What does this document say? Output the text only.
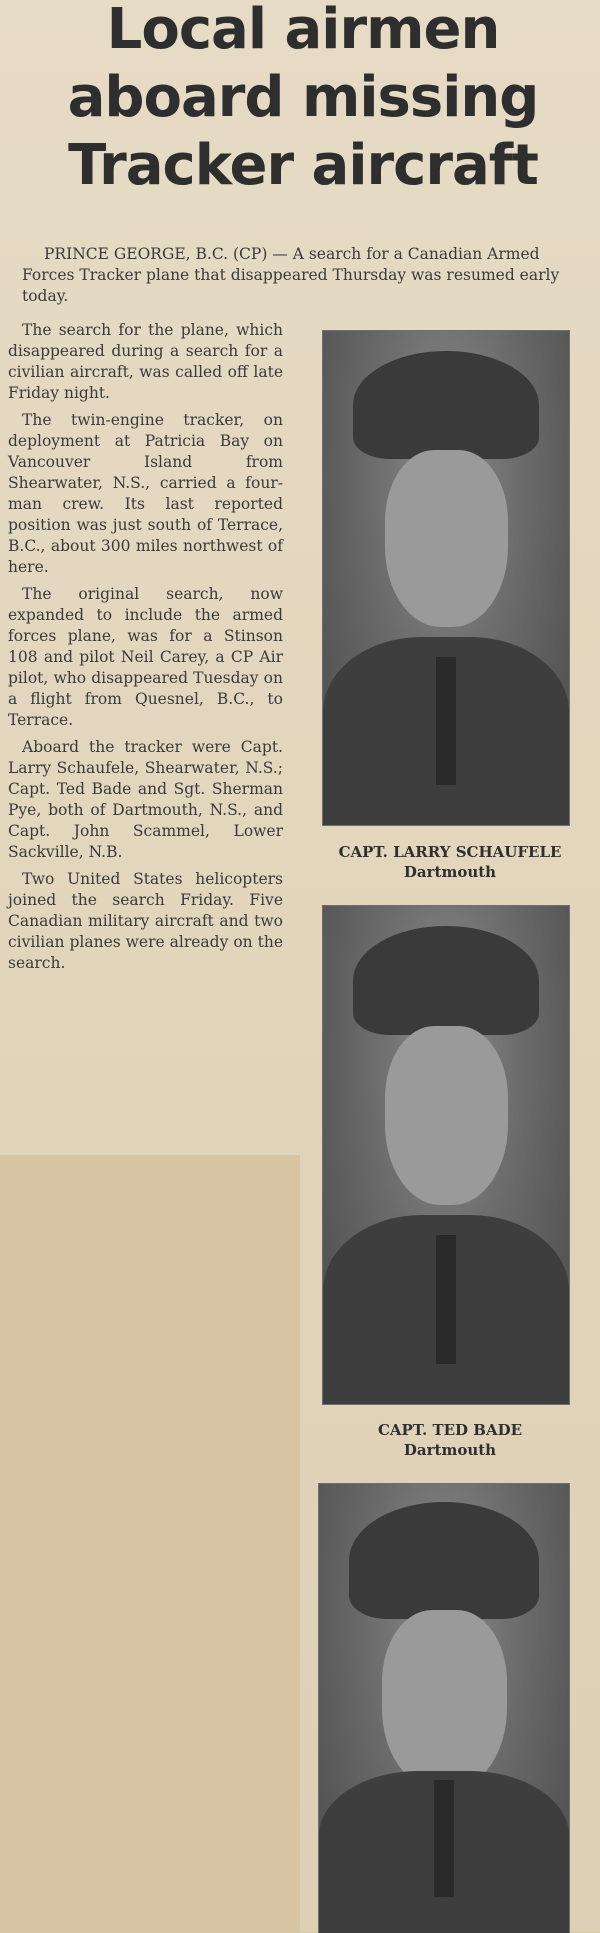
Local airmen
aboard missing
Tracker aircraft

PRINCE GEORGE, B.C. (CP) — A search for a Canadian Armed Forces Tracker plane that disappeared Thursday was resumed early today.

The search for the plane, which disappeared during a search for a civilian aircraft, was called off late Friday night.

The twin-engine tracker, on deployment at Patricia Bay on Vancouver Island from Shearwater, N.S., carried a four-man crew. Its last reported position was just south of Terrace, B.C., about 300 miles northwest of here.

The original search, now expanded to include the armed forces plane, was for a Stinson 108 and pilot Neil Carey, a CP Air pilot, who disappeared Tuesday on a flight from Quesnel, B.C., to Terrace.

Aboard the tracker were Capt. Larry Schaufele, Shearwater, N.S.; Capt. Ted Bade and Sgt. Sherman Pye, both of Dartmouth, N.S., and Capt. John Scammel, Lower Sackville, N.B.

Two United States helicopters joined the search Friday. Five Canadian military aircraft and two civilian planes were already on the search.

CAPT. LARRY SCHAUFELE
Dartmouth
CAPT. TED BADE
Dartmouth
